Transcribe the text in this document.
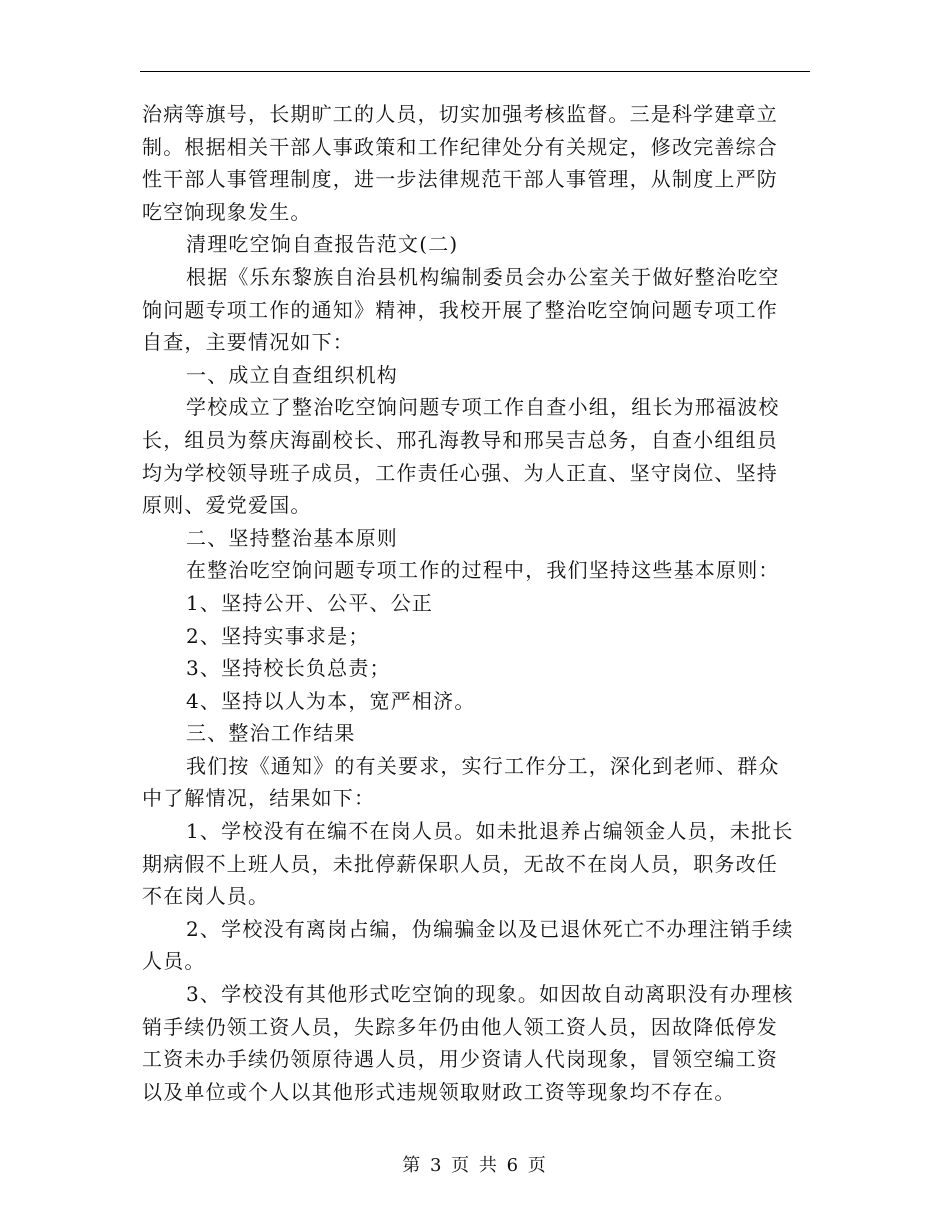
治病等旗号，长期旷工的人员，切实加强考核监督。三是科学建章立
制。根据相关干部人事政策和工作纪律处分有关规定，修改完善综合
性干部人事管理制度，进一步法律规范干部人事管理，从制度上严防
吃空饷现象发生。
清理吃空饷自查报告范文(二)
根据《乐东黎族自治县机构编制委员会办公室关于做好整治吃空
饷问题专项工作的通知》精神，我校开展了整治吃空饷问题专项工作
自查，主要情况如下：
一、成立自查组织机构
学校成立了整治吃空饷问题专项工作自查小组，组长为邢福波校
长，组员为蔡庆海副校长、邢孔海教导和邢吴吉总务，自查小组组员
均为学校领导班子成员，工作责任心强、为人正直、坚守岗位、坚持
原则、爱党爱国。
二、坚持整治基本原则
在整治吃空饷问题专项工作的过程中，我们坚持这些基本原则：
1、坚持公开、公平、公正
2、坚持实事求是；
3、坚持校长负总责；
4、坚持以人为本，宽严相济。
三、整治工作结果
我们按《通知》的有关要求，实行工作分工，深化到老师、群众
中了解情况，结果如下：
1、学校没有在编不在岗人员。如未批退养占编领金人员，未批长
期病假不上班人员，未批停薪保职人员，无故不在岗人员，职务改任
不在岗人员。
2、学校没有离岗占编，伪编骗金以及已退休死亡不办理注销手续
人员。
3、学校没有其他形式吃空饷的现象。如因故自动离职没有办理核
销手续仍领工资人员，失踪多年仍由他人领工资人员，因故降低停发
工资未办手续仍领原待遇人员，用少资请人代岗现象，冒领空编工资
以及单位或个人以其他形式违规领取财政工资等现象均不存在。
第 3 页 共 6 页
